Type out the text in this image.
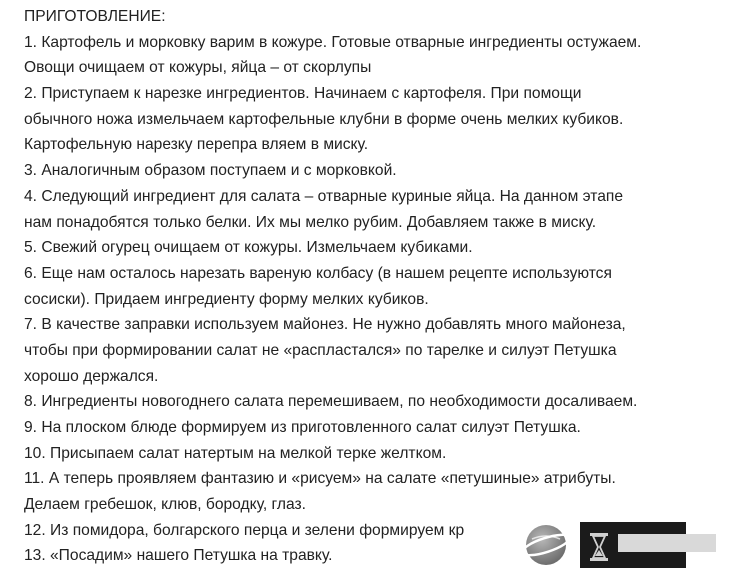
ПРИГОТОВЛЕНИЕ:
1. Картофель и морковку варим в кожуре. Готовые отварные ингредиенты остужаем.
Овощи очищаем от кожуры, яйца – от скорлупы
2. Приступаем к нарезке ингредиентов. Начинаем с картофеля. При помощи
обычного ножа измельчаем картофельные клубни в форме очень мелких кубиков.
Картофельную нарезку перепра вляем в миску.
3. Аналогичным образом поступаем и с морковкой.
4. Следующий ингредиент для салата – отварные куриные яйца. На данном этапе
нам понадобятся только белки. Их мы мелко рубим. Добавляем также в миску.
5. Свежий огурец очищаем от кожуры. Измельчаем кубиками.
6. Еще нам осталось нарезать вареную колбасу (в нашем рецепте используются
сосиски). Придаем ингредиенту форму мелких кубиков.
7. В качестве заправки используем майонез. Не нужно добавлять много майонеза,
чтобы при формировании салат не «распластался» по тарелке и силуэт Петушка
хорошо держался.
8. Ингредиенты новогоднего салата перемешиваем, по необходимости досаливаем.
9. На плоском блюде формируем из приготовленного салат силуэт Петушка.
10. Присыпаем салат натертым на мелкой терке желтком.
11. А теперь проявляем фантазию и «рисуем» на салате «петушиные» атрибуты.
Делаем гребешок, клюв, бородку, глаз.
12. Из помидора, болгарского перца и зелени формируем кр
13. «Посадим» нашего Петушка на травку.
